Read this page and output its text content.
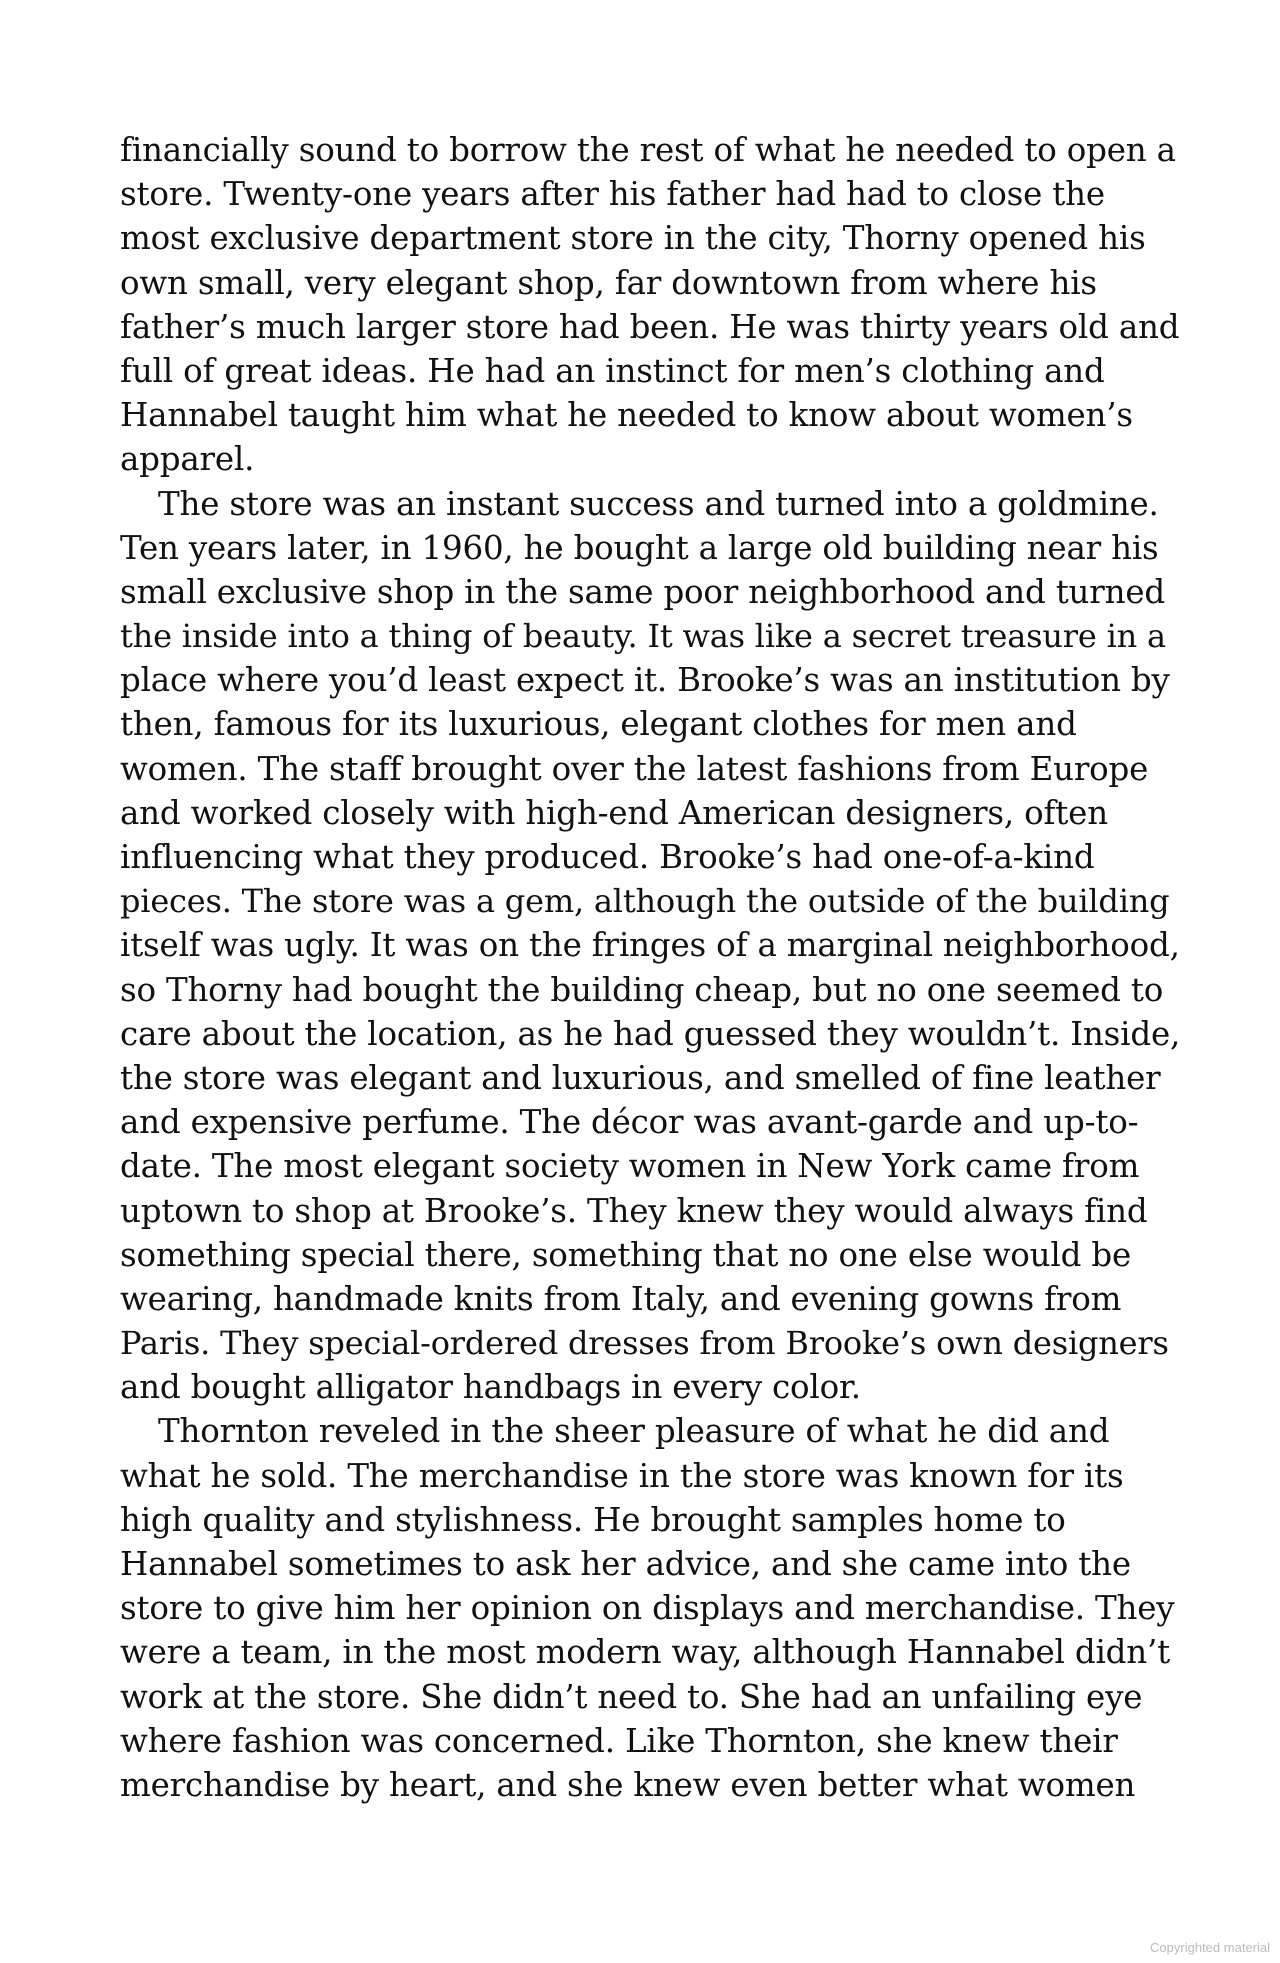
financially sound to borrow the rest of what he needed to open a
store. Twenty-one years after his father had had to close the
most exclusive department store in the city, Thorny opened his
own small, very elegant shop, far downtown from where his
father’s much larger store had been. He was thirty years old and
full of great ideas. He had an instinct for men’s clothing and
Hannabel taught him what he needed to know about women’s
apparel.
The store was an instant success and turned into a goldmine.
Ten years later, in 1960, he bought a large old building near his
small exclusive shop in the same poor neighborhood and turned
the inside into a thing of beauty. It was like a secret treasure in a
place where you’d least expect it. Brooke’s was an institution by
then, famous for its luxurious, elegant clothes for men and
women. The staff brought over the latest fashions from Europe
and worked closely with high-end American designers, often
influencing what they produced. Brooke’s had one-of-a-kind
pieces. The store was a gem, although the outside of the building
itself was ugly. It was on the fringes of a marginal neighborhood,
so Thorny had bought the building cheap, but no one seemed to
care about the location, as he had guessed they wouldn’t. Inside,
the store was elegant and luxurious, and smelled of fine leather
and expensive perfume. The décor was avant-garde and up-to-
date. The most elegant society women in New York came from
uptown to shop at Brooke’s. They knew they would always find
something special there, something that no one else would be
wearing, handmade knits from Italy, and evening gowns from
Paris. They special-ordered dresses from Brooke’s own designers
and bought alligator handbags in every color.
Thornton reveled in the sheer pleasure of what he did and
what he sold. The merchandise in the store was known for its
high quality and stylishness. He brought samples home to
Hannabel sometimes to ask her advice, and she came into the
store to give him her opinion on displays and merchandise. They
were a team, in the most modern way, although Hannabel didn’t
work at the store. She didn’t need to. She had an unfailing eye
where fashion was concerned. Like Thornton, she knew their
merchandise by heart, and she knew even better what women
Copyrighted material
